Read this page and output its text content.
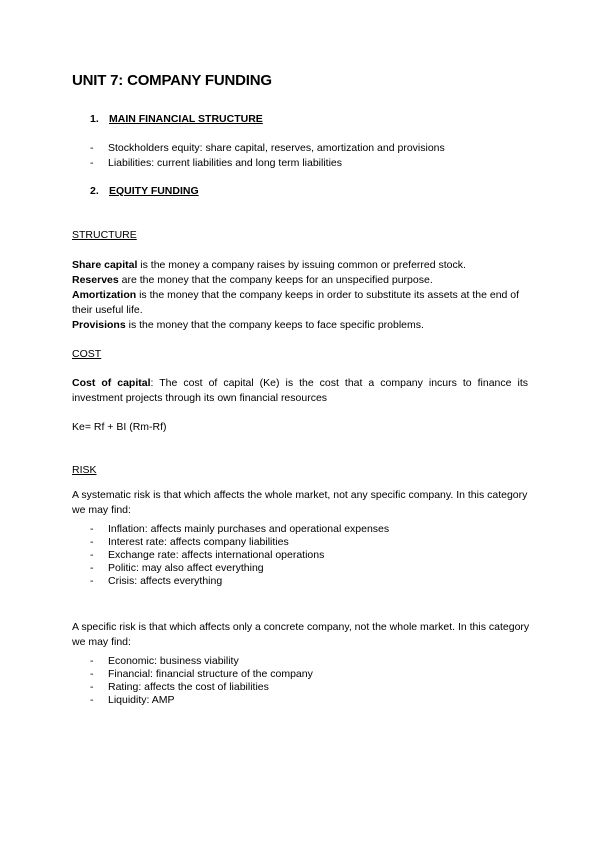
UNIT 7: COMPANY FUNDING
1. MAIN FINANCIAL STRUCTURE
- Stockholders equity: share capital, reserves, amortization and provisions
- Liabilities: current liabilities and long term liabilities
2. EQUITY FUNDING
STRUCTURE
Share capital is the money a company raises by issuing common or preferred stock.
Reserves are the money that the company keeps for an unspecified purpose.
Amortization is the money that the company keeps in order to substitute its assets at the end of their useful life.
Provisions is the money that the company keeps to face specific problems.
COST
Cost of capital: The cost of capital (Ke) is the cost that a company incurs to finance its investment projects through its own financial resources
Ke= Rf + BI (Rm-Rf)
RISK
A systematic risk is that which affects the whole market, not any specific company. In this category we may find:
- Inflation: affects mainly purchases and operational expenses
- Interest rate: affects company liabilities
- Exchange rate: affects international operations
- Politic: may also affect everything
- Crisis: affects everything
A specific risk is that which affects only a concrete company, not the whole market. In this category we may find:
- Economic: business viability
- Financial: financial structure of the company
- Rating: affects the cost of liabilities
- Liquidity: AMP
